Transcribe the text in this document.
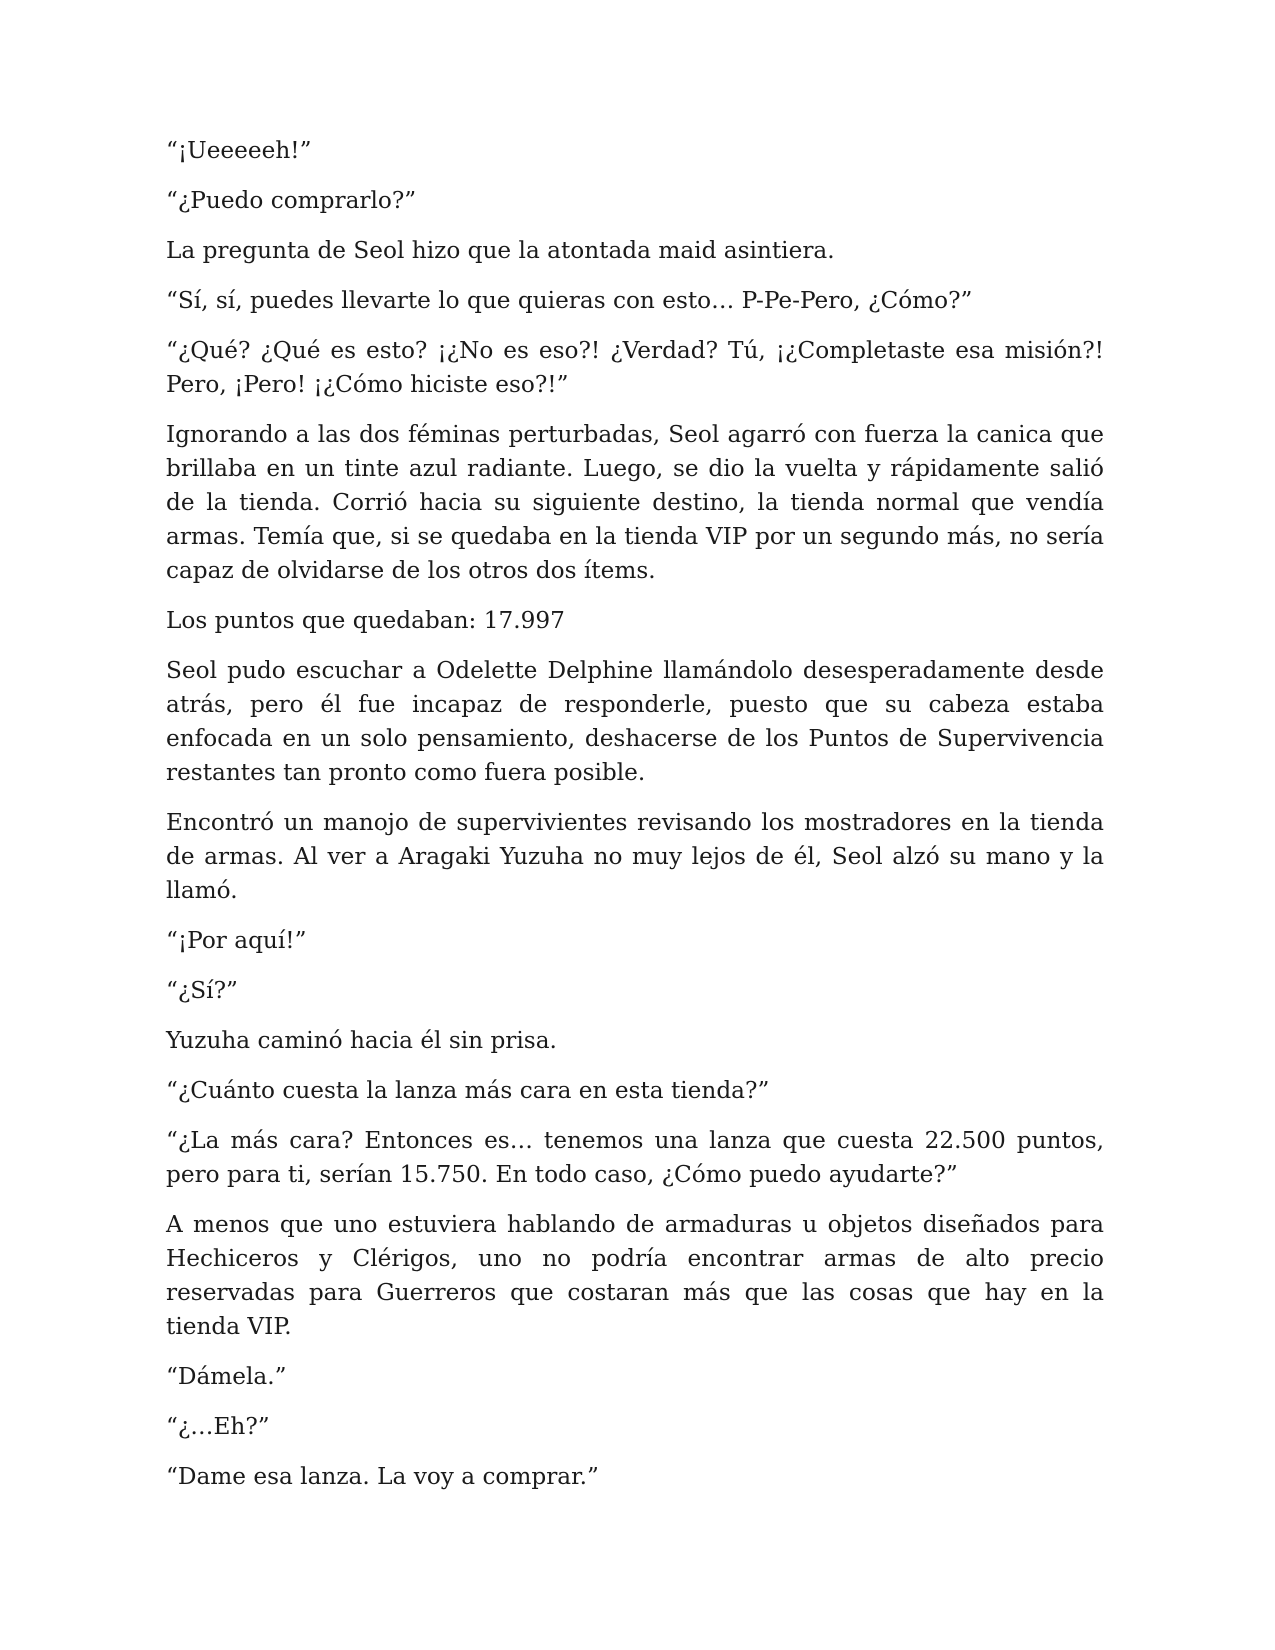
“¡Ueeeeeh!”

“¿Puedo comprarlo?”

La pregunta de Seol hizo que la atontada maid asintiera.

“Sí, sí, puedes llevarte lo que quieras con esto… P-Pe-Pero, ¿Cómo?”

“¿Qué? ¿Qué es esto? ¡¿No es eso?! ¿Verdad? Tú, ¡¿Completaste esa misión?! Pero, ¡Pero! ¡¿Cómo hiciste eso?!”

Ignorando a las dos féminas perturbadas, Seol agarró con fuerza la canica que brillaba en un tinte azul radiante. Luego, se dio la vuelta y rápidamente salió de la tienda. Corrió hacia su siguiente destino, la tienda normal que vendía armas. Temía que, si se quedaba en la tienda VIP por un segundo más, no sería capaz de olvidarse de los otros dos ítems.

Los puntos que quedaban: 17.997

Seol pudo escuchar a Odelette Delphine llamándolo desesperadamente desde atrás, pero él fue incapaz de responderle, puesto que su cabeza estaba enfocada en un solo pensamiento, deshacerse de los Puntos de Supervivencia restantes tan pronto como fuera posible.

Encontró un manojo de supervivientes revisando los mostradores en la tienda de armas. Al ver a Aragaki Yuzuha no muy lejos de él, Seol alzó su mano y la llamó.

“¡Por aquí!”

“¿Sí?”

Yuzuha caminó hacia él sin prisa.

“¿Cuánto cuesta la lanza más cara en esta tienda?”

“¿La más cara? Entonces es… tenemos una lanza que cuesta 22.500 puntos, pero para ti, serían 15.750. En todo caso, ¿Cómo puedo ayudarte?”

A menos que uno estuviera hablando de armaduras u objetos diseñados para Hechiceros y Clérigos, uno no podría encontrar armas de alto precio reservadas para Guerreros que costaran más que las cosas que hay en la tienda VIP.

“Dámela.”

“¿…Eh?”

“Dame esa lanza. La voy a comprar.”
